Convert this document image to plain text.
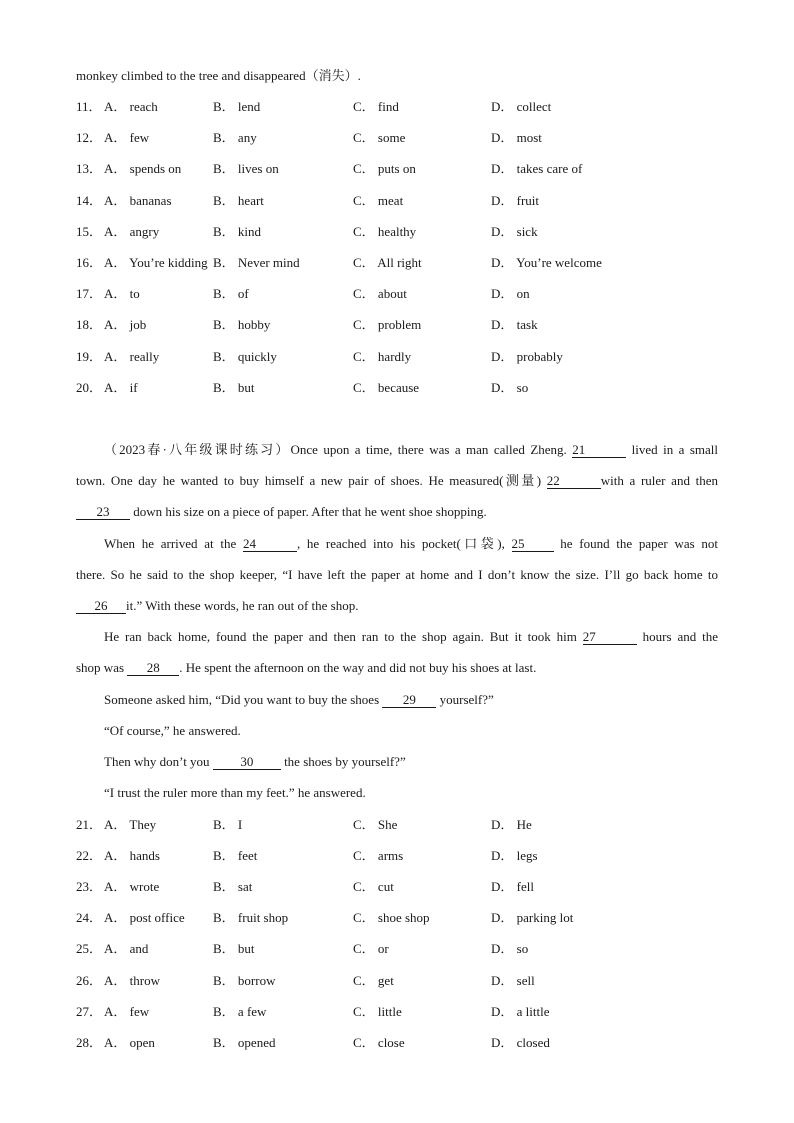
monkey climbed to the tree and disappeared（消失）.
11． A． reach	B． lend	C． find	D． collect
12． A． few	B． any	C． some	D． most
13． A． spends on B． lives on	C． puts on	D． takes care of
14． A． bananas	B． heart	C． meat	D． fruit
15． A． angry	B． kind	C． healthy	D． sick
16． A． You’re kidding B． Never mind	C． All right	D． You’re welcome
17． A． to	B． of	C． about	D． on
18． A． job	B． hobby	C． problem	D． task
19． A． really	B． quickly	C． hardly	D． probably
20． A． if	B． but	C． because	D． so
（2023春·八年级课时练习）Once upon a time, there was a man called Zheng. 21	lived in a small
town. One day he wanted to buy himself a new pair of shoes. He measured(测量) 22	with a ruler and then
23 down his size on a piece of paper. After that he went shoe shopping.
When he arrived at the 24	, he reached into his pocket(口袋), 25	he found the paper was not
there. So he said to the shop keeper, “I have left the paper at home and I don’t know the size. I’ll go back home to
26 it.” With these words, he ran out of the shop.
He ran back home, found the paper and then ran to the shop again. But it took him 27	hours and the
shop was 28 . He spent the afternoon on the way and did not buy his shoes at last.
Someone asked him, “Did you want to buy the shoes 29 yourself?”
“Of course,” he answered.
Then why don’t you 30 the shoes by yourself?”
“I trust the ruler more than my feet.” he answered.
21． A． They	B． I	C． She	D． He
22． A． hands	B． feet	C． arms	D． legs
23． A． wrote	B． sat	C． cut	D． fell
24． A． post office B． fruit shop	C． shoe shop	D． parking lot
25． A． and	B． but	C． or	D． so
26． A． throw	B． borrow	C． get	D． sell
27． A． few	B． a few	C． little	D． a little
28． A． open	B． opened	C． close	D． closed
